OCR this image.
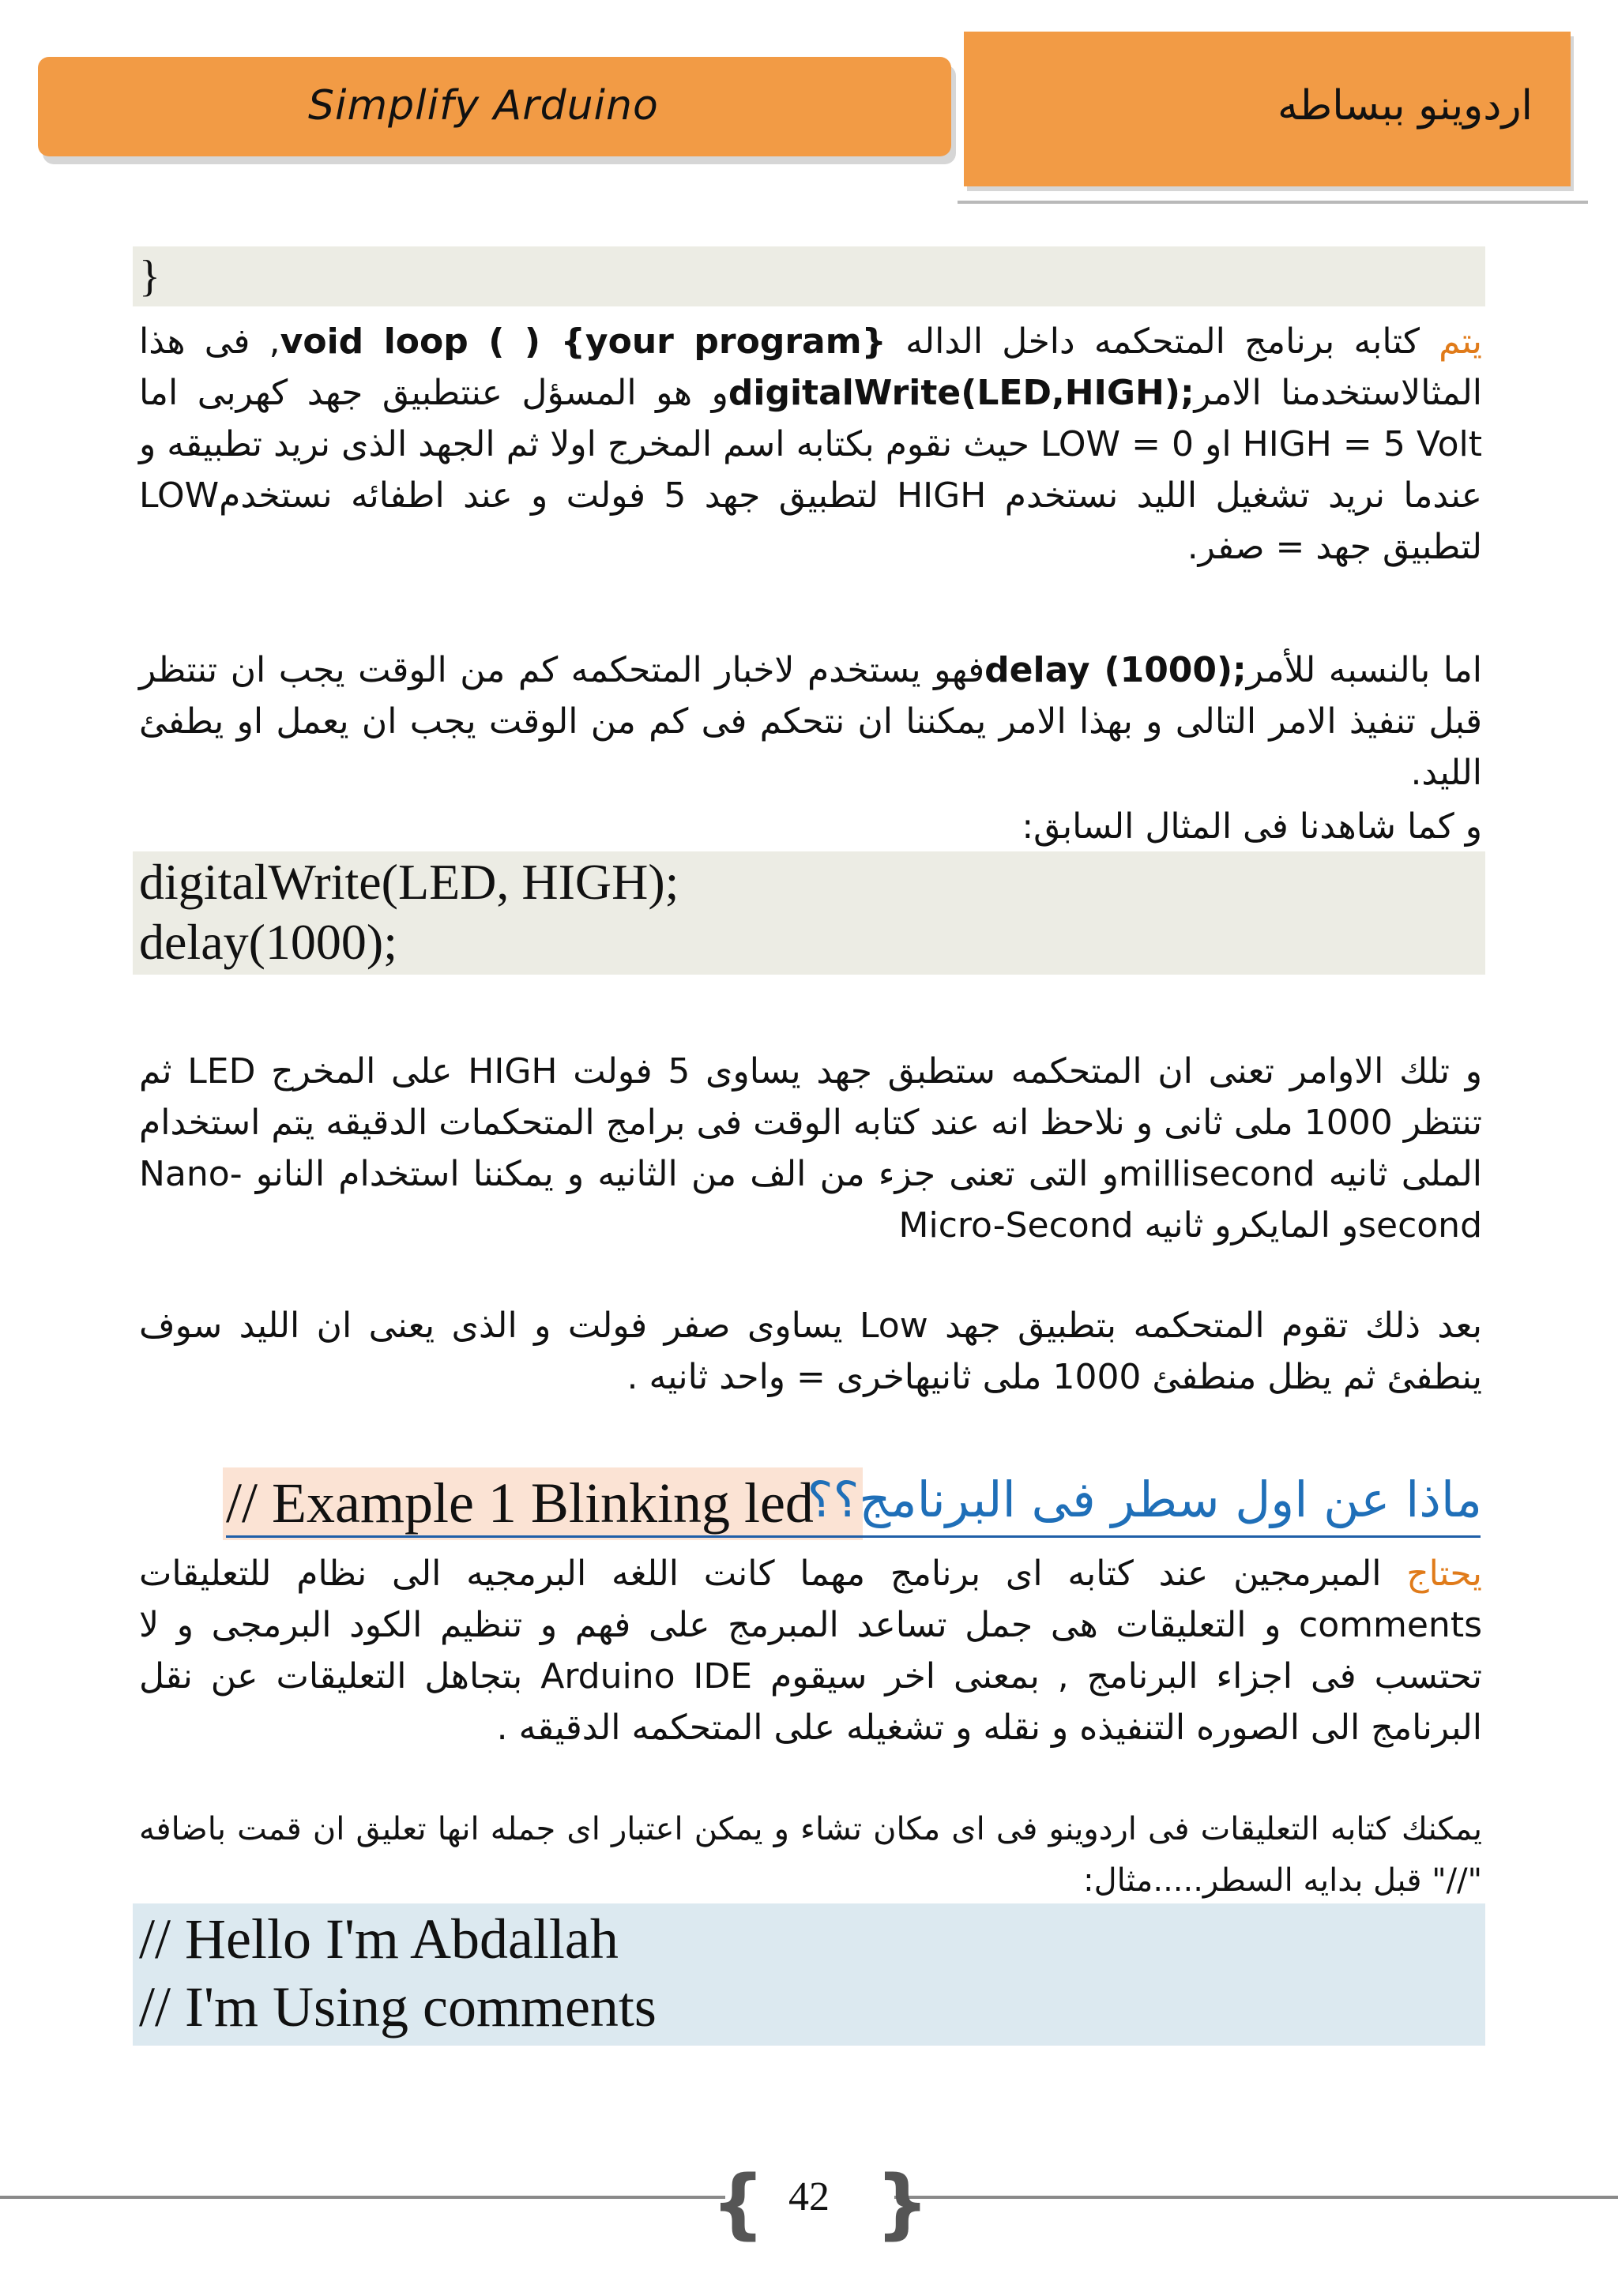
Simplify Arduino	اردوينو ببساطه
}
يتم كتابه برنامج المتحكمه داخل الداله void loop ( ) {your program}, فى هذا المثالاستخدمنا الامرdigitalWrite(LED,HIGH);و هو المسؤل عنتطبيق جهد كهربى اما HIGH = 5 Volt او LOW = 0 حيث نقوم بكتابه اسم المخرج اولا ثم الجهد الذى نريد تطبيقه و عندما نريد تشغيل الليد نستخدم HIGH لتطبيق جهد 5 فولت و عند اطفائه نستخدمLOW لتطبيق جهد = صفر.
اما بالنسبه للأمرdelay (1000);فهو يستخدم لاخبار المتحكمه كم من الوقت يجب ان تنتظر قبل تنفيذ الامر التالى و بهذا الامر يمكننا ان نتحكم فى كم من الوقت يجب ان يعمل او يطفئ الليد.
و كما شاهدنا فى المثال السابق:
digitalWrite(LED, HIGH);
delay(1000);
و تلك الاوامر تعنى ان المتحكمه ستطبق جهد يساوى 5 فولت HIGH على المخرج LED ثم تنتظر 1000 ملى ثانى و نلاحظ انه عند كتابه الوقت فى برامج المتحكمات الدقيقه يتم استخدام الملى ثانيه millisecondو التى تعنى جزء من الف من الثانيه و يمكننا استخدام النانو -Nano secondو المايكرو ثانيه Micro-Second
بعد ذلك تقوم المتحكمه بتطبيق جهد Low يساوى صفر فولت و الذى يعنى ان الليد سوف ينطفئ ثم يظل منطفئ 1000 ملى ثانيهاخرى = واحد ثانيه .
// Example 1 Blinking led
ماذا عن اول سطر فى البرنامج؟؟
يحتاج المبرمجين عند كتابه اى برنامج مهما كانت اللغه البرمجيه الى نظام للتعليقات comments و التعليقات هى جمل تساعد المبرمج على فهم و تنظيم الكود البرمجى و لا تحتسب فى اجزاء البرنامج , بمعنى اخر سيقوم Arduino IDE بتجاهل التعليقات عن نقل البرنامج الى الصوره التنفيذه و نقله و تشغيله على المتحكمه الدقيقه .
يمكنك كتابه التعليقات فى اردوينو فى اى مكان تشاء و يمكن اعتبار اى جمله انها تعليق ان قمت باضافه "//" قبل بدايه السطر.....مثال:
// Hello I'm Abdallah
// I'm Using comments
{ }
42
